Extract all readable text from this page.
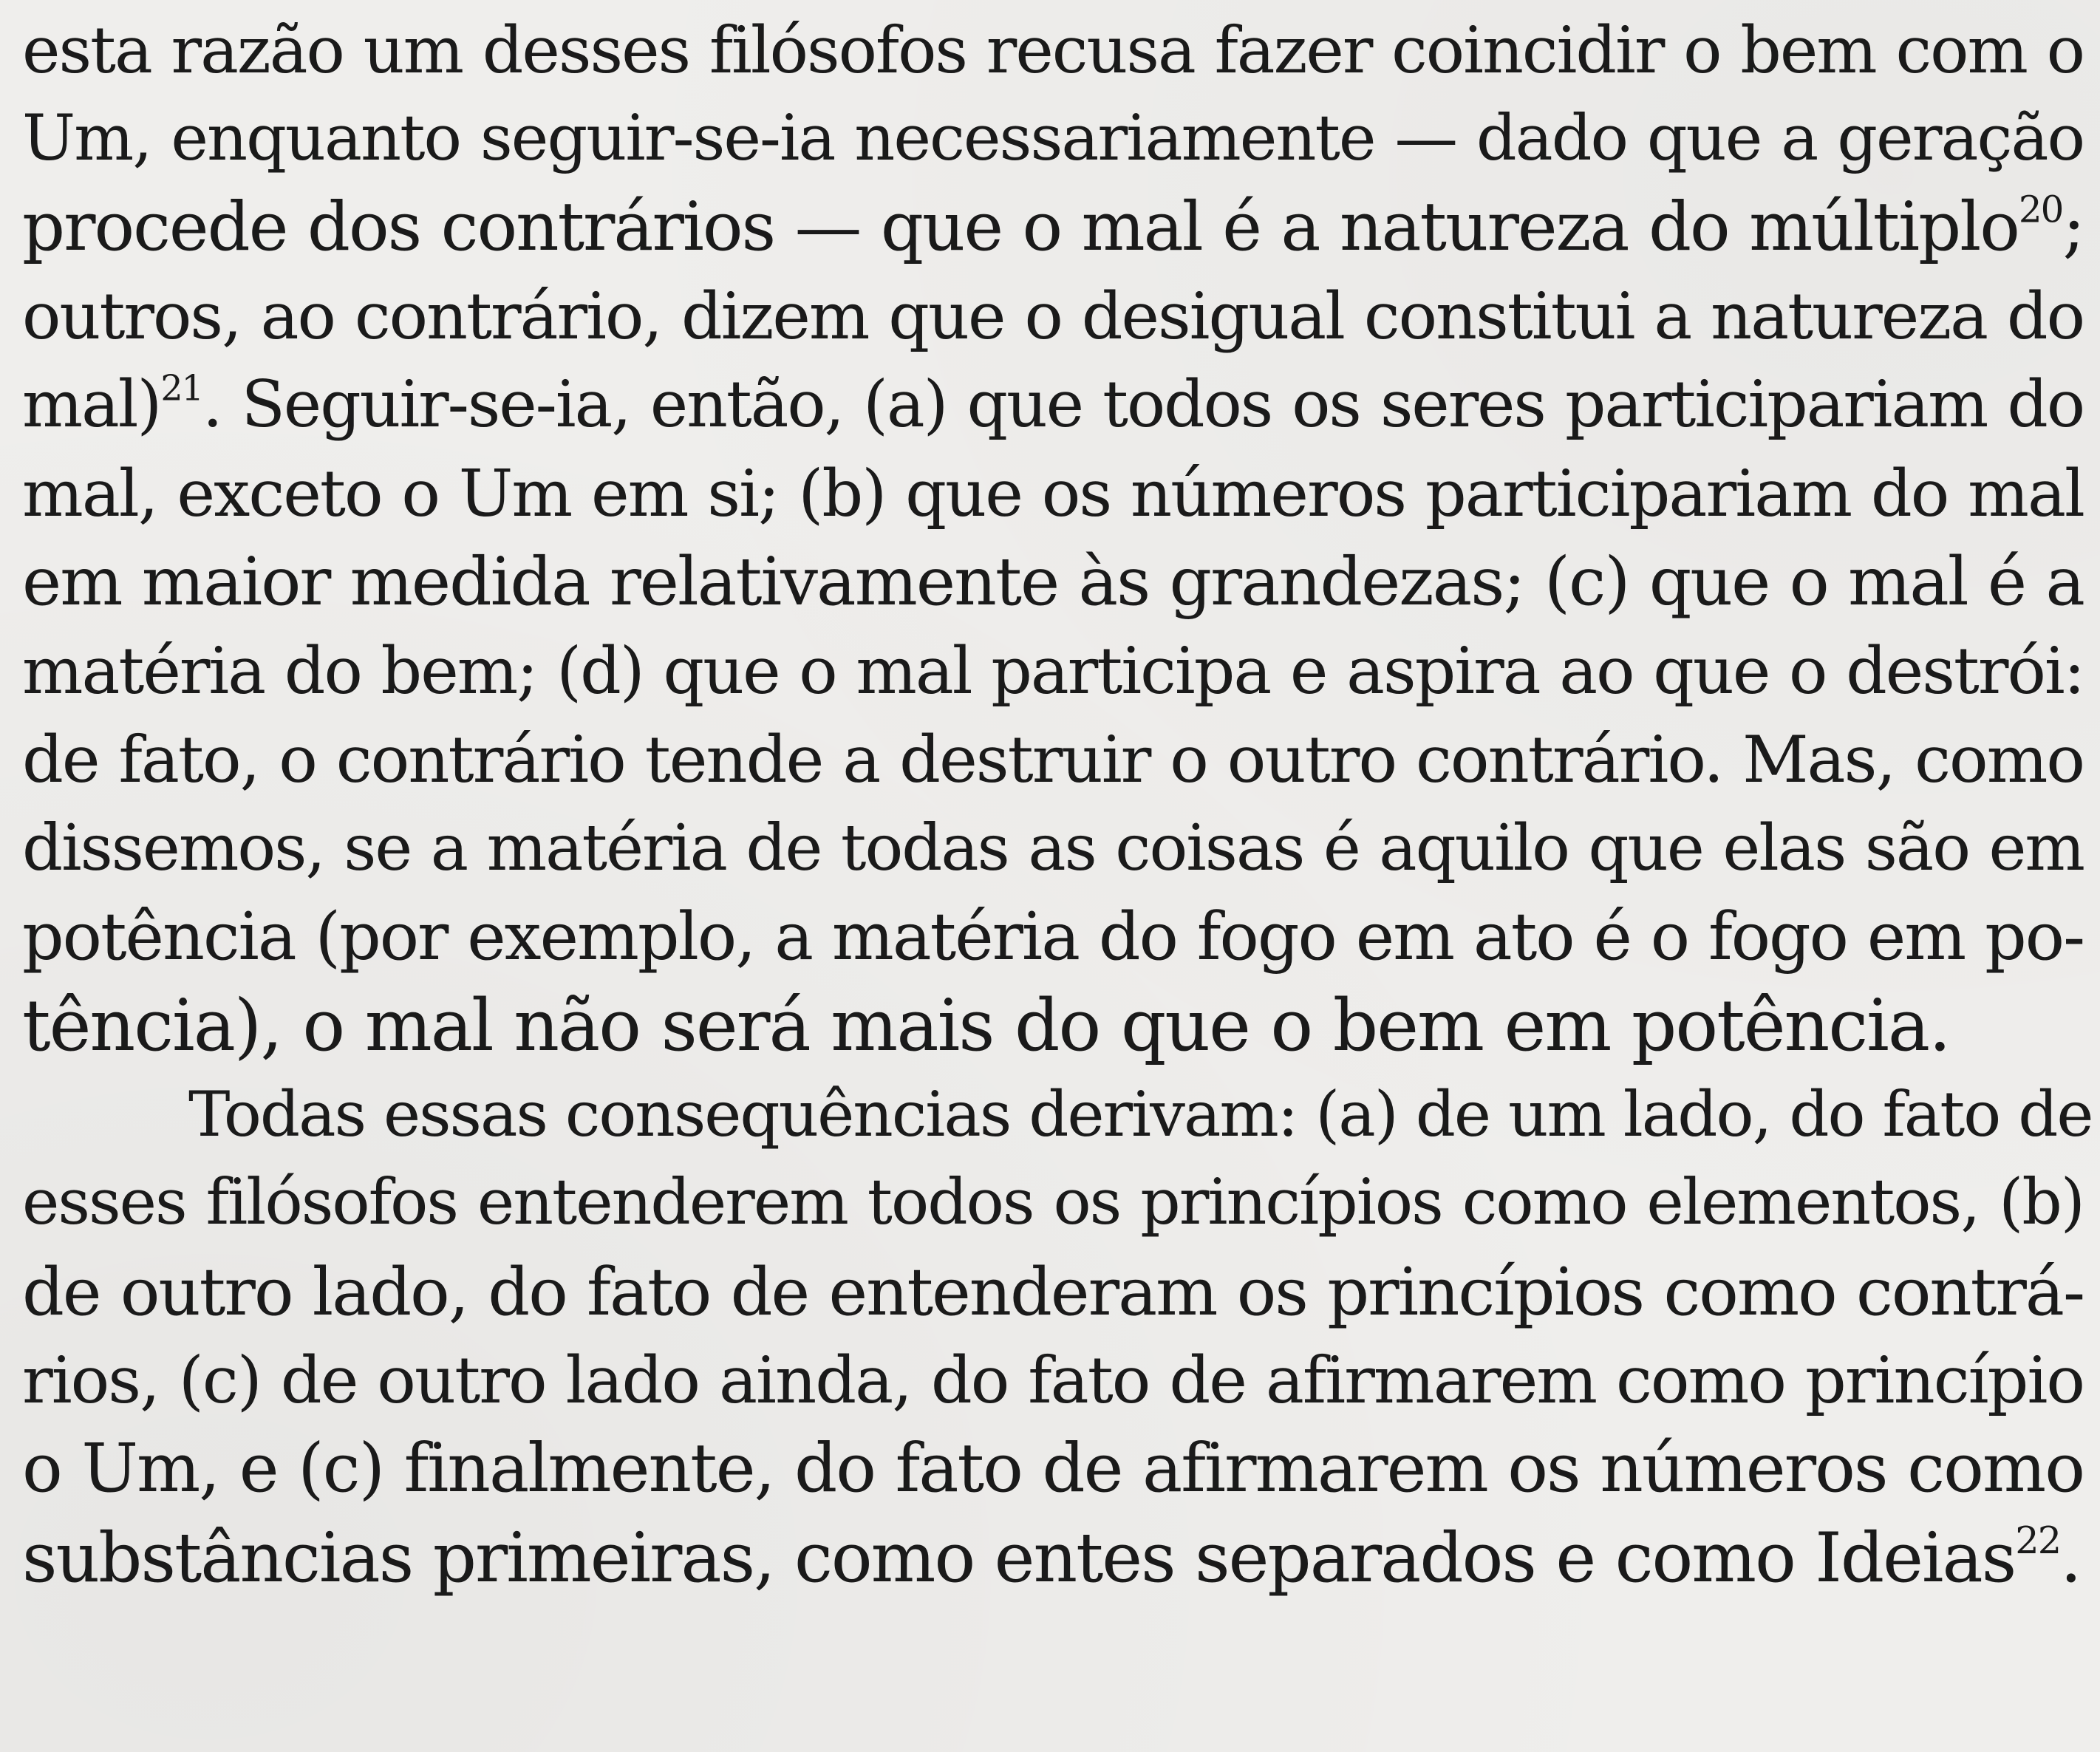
esta razão um desses filósofos recusa fazer coincidir o bem com o
Um, enquanto seguir-se-ia necessariamente — dado que a geração
procede dos contrários — que o mal é a natureza do múltiplo$^{20}$;
outros, ao contrário, dizem que o desigual constitui a natureza do
mal)$^{21}$. Seguir-se-ia, então, (a) que todos os seres participariam do
mal, exceto o Um em si; (b) que os números participariam do mal
em maior medida relativamente às grandezas; (c) que o mal é a
matéria do bem; (d) que o mal participa e aspira ao que o destrói:
de fato, o contrário tende a destruir o outro contrário. Mas, como
dissemos, se a matéria de todas as coisas é aquilo que elas são em
potência (por exemplo, a matéria do fogo em ato é o fogo em po-
tência), o mal não será mais do que o bem em potência.
Todas essas consequências derivam: (a) de um lado, do fato de
esses filósofos entenderem todos os princípios como elementos, (b)
de outro lado, do fato de entenderam os princípios como contrá-
rios, (c) de outro lado ainda, do fato de afirmarem como princípio
o Um, e (c) finalmente, do fato de afirmarem os números como
substâncias primeiras, como entes separados e como Ideias$^{22}$.
